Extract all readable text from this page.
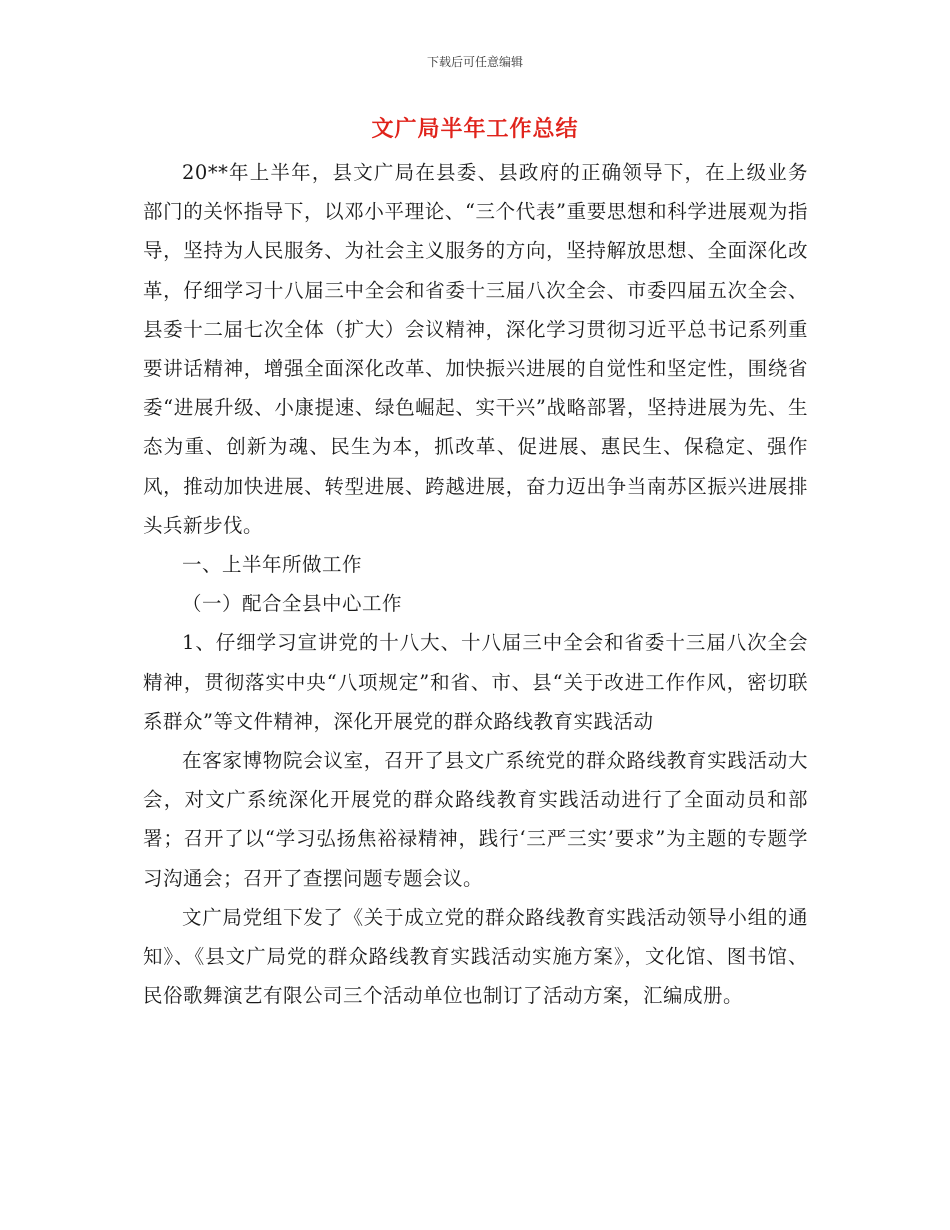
下载后可任意编辑
文广局半年工作总结

20**年上半年，县文广局在县委、县政府的正确领导下，在上级业务部门的关怀指导下，以邓小平理论、“三个代表”重要思想和科学进展观为指导，坚持为人民服务、为社会主义服务的方向，坚持解放思想、全面深化改革，仔细学习十八届三中全会和省委十三届八次全会、市委四届五次全会、县委十二届七次全体（扩大）会议精神，深化学习贯彻习近平总书记系列重要讲话精神，增强全面深化改革、加快振兴进展的自觉性和坚定性，围绕省委“进展升级、小康提速、绿色崛起、实干兴”战略部署，坚持进展为先、生态为重、创新为魂、民生为本，抓改革、促进展、惠民生、保稳定、强作风，推动加快进展、转型进展、跨越进展，奋力迈出争当南苏区振兴进展排头兵新步伐。

一、上半年所做工作

（一）配合全县中心工作

1、仔细学习宣讲党的十八大、十八届三中全会和省委十三届八次全会精神，贯彻落实中央“八项规定”和省、市、县“关于改进工作作风，密切联系群众”等文件精神，深化开展党的群众路线教育实践活动

在客家博物院会议室，召开了县文广系统党的群众路线教育实践活动大会，对文广系统深化开展党的群众路线教育实践活动进行了全面动员和部署；召开了以“学习弘扬焦裕禄精神，践行‘三严三实’要求”为主题的专题学习沟通会；召开了查摆问题专题会议。

文广局党组下发了《关于成立党的群众路线教育实践活动领导小组的通知》、《县文广局党的群众路线教育实践活动实施方案》，文化馆、图书馆、民俗歌舞演艺有限公司三个活动单位也制订了活动方案，汇编成册。
